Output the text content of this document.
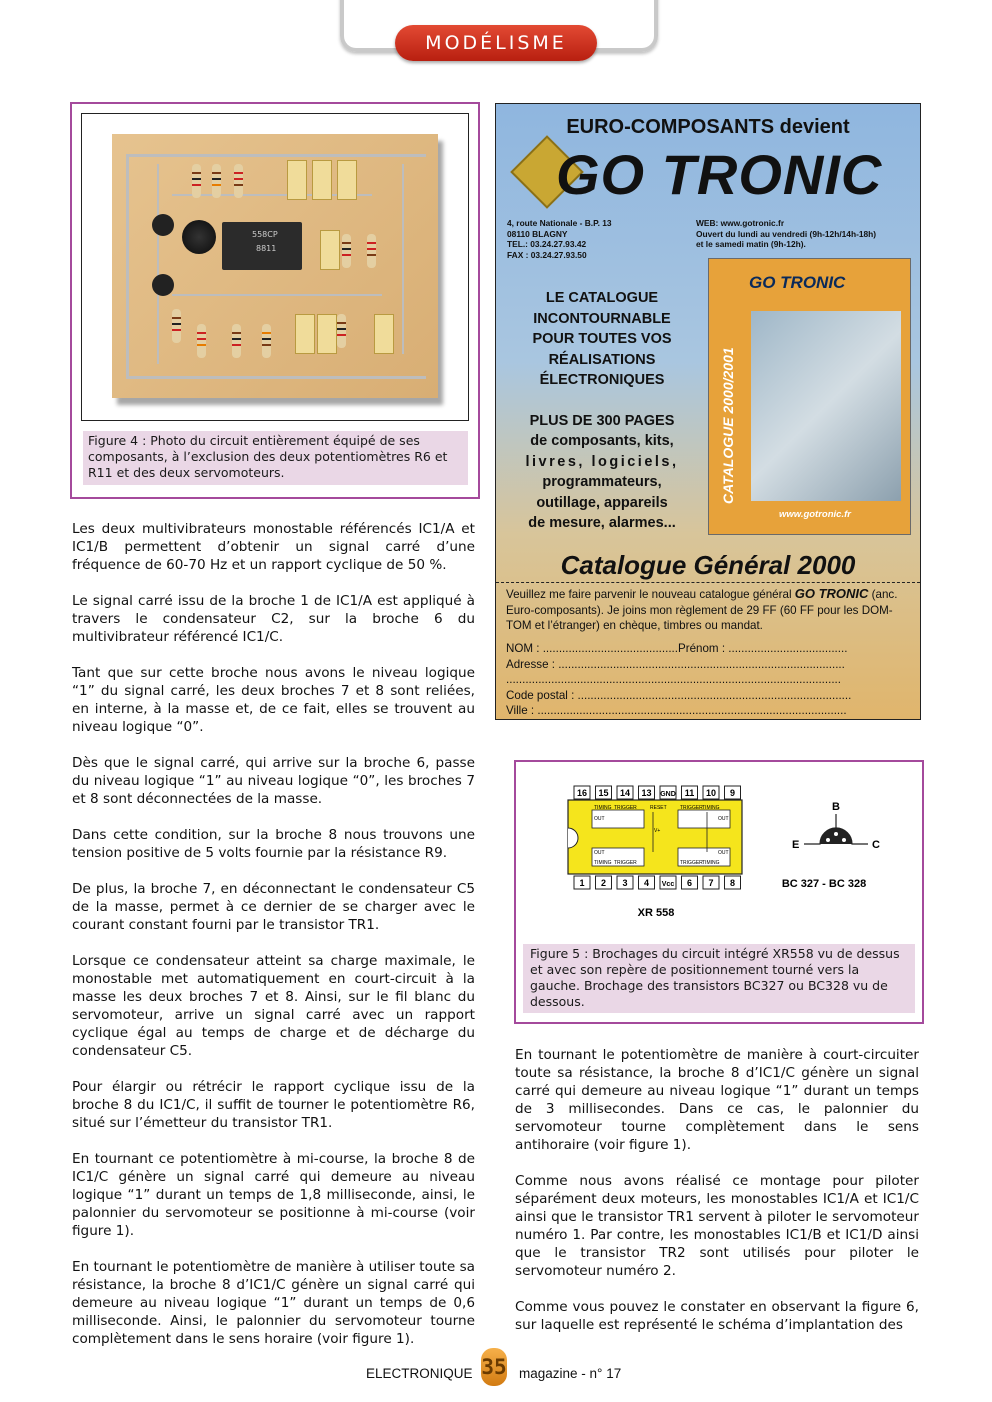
MODÉLISME
558CP
8811
Figure 4 : Photo du circuit entièrement équipé de ses composants, à l’exclusion des deux potentiomètres R6 et R11 et des deux servomoteurs.

Les deux multivibrateurs monostable référencés IC1/A et IC1/B permettent d’obtenir un signal carré d’une fréquence de 60-70 Hz et un rapport cyclique de 50 %.

Le signal carré issu de la broche 1 de IC1/A est appliqué à travers le condensateur C2, sur la broche 6 du multivibrateur référencé IC1/C.

Tant que sur cette broche nous avons le niveau logique “1” du signal carré, les deux broches 7 et 8 sont reliées, en interne, à la masse et, de ce fait, elles se trouvent au niveau logique “0”.

Dès que le signal carré, qui arrive sur la broche 6, passe du niveau logique “1” au niveau logique “0”, les broches 7 et 8 sont déconnectées de la masse.

Dans cette condition, sur la broche 8 nous trouvons une tension positive de 5 volts fournie par la résistance R9.

De plus, la broche 7, en déconnectant le condensateur C5 de la masse, permet à ce dernier de se charger avec le courant constant fourni par le transistor TR1.

Lorsque ce condensateur atteint sa charge maximale, le monostable met automatiquement en court-circuit à la masse les deux broches 7 et 8. Ainsi, sur le fil blanc du servomoteur, arrive un signal carré avec un rapport cyclique égal au temps de charge et de décharge du condensateur C5.

Pour élargir ou rétrécir le rapport cyclique issu de la broche 8 du IC1/C, il suffit de tourner le potentiomètre R6, situé sur l’émetteur du transistor TR1.

En tournant ce potentiomètre à mi-course, la broche 8 de IC1/C génère un signal carré qui demeure au niveau logique “1” durant un temps de 1,8 milliseconde, ainsi, le palonnier du servomoteur se positionne à mi-course (voir figure 1).

En tournant le potentiomètre de manière à utiliser toute sa résistance, la broche 8 d’IC1/C génère un signal carré qui demeure au niveau logique “1” durant un temps de 0,6 milliseconde. Ainsi, le palonnier du servomoteur tourne complètement dans le sens horaire (voir figure 1).

EURO-COMPOSANTS devient
GO TRONIC
4, route Nationale - B.P. 13
08110 BLAGNY
TEL.: 03.24.27.93.42
FAX : 03.24.27.93.50
WEB: www.gotronic.fr
Ouvert du lundi au vendredi (9h-12h/14h-18h)
et le samedi matin (9h-12h).
LE CATALOGUE
INCONTOURNABLE
POUR TOUTES VOS
RÉALISATIONS
ÉLECTRONIQUES
PLUS DE 300 PAGES
de composants, kits,
livres, logiciels,
programmateurs,
outillage, appareils
de mesure, alarmes...
GO TRONIC
CATALOGUE 2000/2001
www.gotronic.fr
Catalogue Général 2000
Veuillez me faire parvenir le nouveau catalogue général GO TRONIC (anc. Euro-composants). Je joins mon règlement de 29 FF (60 FF pour les DOM-TOM et l’étranger) en chèque, timbres ou mandat.
NOM : ..........................................Prénom : .....................................
Adresse : .........................................................................................
........................................................................................................
Code postal : .....................................................................................
Ville : ................................................................................................
16 15 14 13 GND 11 10 9
1 2 3 4 Vcc 6 7 8
TIMING TRIGGER	RESET	TRIGGER TIMING
OUT	OUT
OUT	OUT
TIMING TRIGGER	TRIGGER TIMING
V+
XR 558
B
E	C
BC 327 - BC 328
Figure 5 : Brochages du circuit intégré XR558 vu de dessus et avec son repère de positionnement tourné vers la gauche. Brochage des transistors BC327 ou BC328 vu de dessous.

En tournant le potentiomètre de manière à court-circuiter toute sa résistance, la broche 8 d’IC1/C génère un signal carré qui demeure au niveau logique “1” durant un temps de 3 millisecondes. Dans ce cas, le palonnier du servomoteur tourne complètement dans le sens antihoraire (voir figure 1).

Comme nous avons réalisé ce montage pour piloter séparément deux moteurs, les monostables IC1/A et IC1/C ainsi que le transistor TR1 servent à piloter le servomoteur numéro 1. Par contre, les monostables IC1/B et IC1/D ainsi que le transistor TR2 sont utilisés pour piloter le servomoteur numéro 2.

Comme vous pouvez le constater en observant la figure 6, sur laquelle est représenté le schéma d’implantation des

ELECTRONIQUE 35 magazine - n° 17
